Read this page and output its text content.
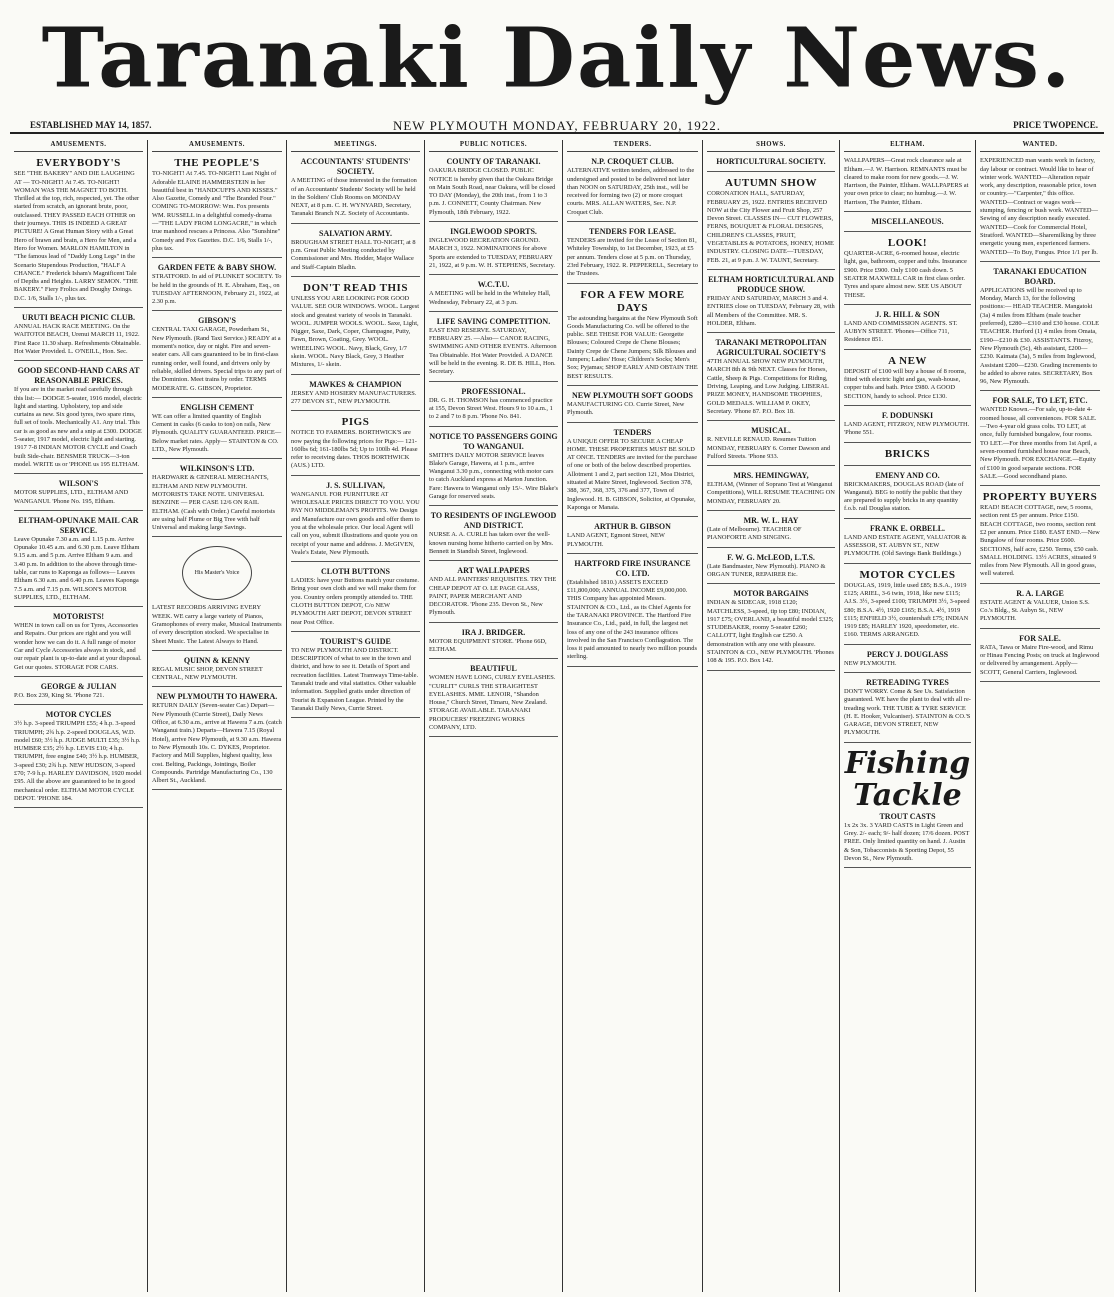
Taranaki Daily News.
ESTABLISHED MAY 14, 1857.	NEW PLYMOUTH MONDAY, FEBRUARY 20, 1922.	PRICE TWOPENCE.
AMUSEMENTS.
EVERYBODY'S

SEE "THE BAKERY" AND DIE LAUGHING AT — TO-NIGHT! At 7.45. TO-NIGHT! WOMAN WAS THE MAGNET TO BOTH. Thrilled at the top, rich, respected, yet. The other started from scratch, an ignorant brute, poor, outclassed. THEY PASSED EACH OTHER on their journeys. THIS IS INDEED A GREAT PICTURE! A Great Human Story with a Great Hero of brawn and brain, a Hero for Men, and a Hero for Women. MARLON HAMILTON in "The famous lead of "Daddy Long Legs" in the Scenario Stupendous Production, "HALF A CHANCE." Frederick Isham's Magnificent Tale of Depths and Heights. LARRY SEMON. "THE BAKERY." Fiery Frolics and Doughy Doings. D.C. 1/6, Stalls 1/-, plus tax.

URUTI BEACH PICNIC CLUB.

ANNUAL HACK RACE MEETING. On the WAITOTOI BEACH, Urenui MARCH 11, 1922. First Race 11.30 sharp. Refreshments Obtainable. Hot Water Provided. L. O'NEILL, Hon. Sec.

GOOD SECOND-HAND CARS AT REASONABLE PRICES.

If you are in the market read carefully through this list:— DODGE 5-seater, 1916 model, electric light and starting. Upholstery, top and side curtains as new. Six good tyres, two spare rims, full set of tools. Mechanically A1. Any trial. This car is as good as new and a snip at £300. DODGE 5-seater, 1917 model, electric light and starting. 1917 7-8 INDIAN MOTOR CYCLE and Coach built Side-chair. BENSMER TRUCK—3-ton model. WRITE us or 'PHONE us 195 ELTHAM.

WILSON'S

MOTOR SUPPLIES, LTD., ELTHAM AND WANGANUI. 'Phone No. 195, Eltham.

ELTHAM-OPUNAKE MAIL CAR SERVICE.

Leave Opunake 7.30 a.m. and 1.15 p.m. Arrive Opunake 10.45 a.m. and 6.30 p.m. Leave Eltham 9.15 a.m. and 5 p.m. Arrive Eltham 9 a.m. and 3.40 p.m. In addition to the above through time-table, car runs to Kaponga as follows— Leaves Eltham 6.30 a.m. and 6.40 p.m. Leaves Kaponga 7.5 a.m. and 7.15 p.m. WILSON'S MOTOR SUPPLIES, LTD., ELTHAM.

MOTORISTS!

WHEN in town call on us for Tyres, Accessories and Repairs. Our prices are right and you will wonder how we can do it. A full range of motor Car and Cycle Accessories always in stock, and our repair plant is up-to-date and at your disposal. Get our quotes. STORAGE FOR CARS.

GEORGE & JULIAN

P.O. Box 239, King St. 'Phone 721.

MOTOR CYCLES

3½ h.p. 3-speed TRIUMPH £55; 4 h.p. 3-speed TRIUMPH; 2¾ h.p. 2-speed DOUGLAS, W.D. model £60; 3½ h.p. JUDGE MULTI £35; 3½ h.p. HUMBER £35; 2½ h.p. LEVIS £10; 4 h.p. TRIUMPH, free engine £40; 3½ h.p. HUMBER, 3-speed £30; 2¾ h.p. NEW HUDSON, 3-speed £70; 7-9 h.p. HARLEY DAVIDSON, 1920 model £95. All the above are guaranteed to be in good mechanical order. ELTHAM MOTOR CYCLE DEPOT. 'PHONE 184.

AMUSEMENTS.
THE PEOPLE'S

TO-NIGHT! At 7.45. TO-NIGHT! Last Night of Adorable ELAINE HAMMERSTEIN in her beautiful best in "HANDCUFFS AND KISSES." Also Gazette, Comedy and "The Branded Four." COMING TO-MORROW: Wm. Fox presents WM. RUSSELL in a delightful comedy-drama—"THE LADY FROM LONGACRE," in which true manhood rescues a Princess. Also "Sunshine" Comedy and Fox Gazettes. D.C. 1/6, Stalls 1/-, plus tax.

GARDEN FETE & BABY SHOW.

STRATFORD. In aid of PLUNKET SOCIETY. To be held in the grounds of H. E. Abraham, Esq., on TUESDAY AFTERNOON, February 21, 1922, at 2.30 p.m.

GIBSON'S

CENTRAL TAXI GARAGE, Powderham St., New Plymouth. (Rand Taxi Service.) READY at a moment's notice, day or night. Fire and seven-seater cars. All cars guaranteed to be in first-class running order, well found, and drivers only by reliable, skilled drivers. Special trips to any part of the Dominion. Meet trains by order. TERMS MODERATE. G. GIBSON, Proprietor.

ENGLISH CEMENT

WE can offer a limited quantity of English Cement in casks (6 casks to ton) on rails, New Plymouth. QUALITY GUARANTEED. PRICE—Below market rates. Apply— STAINTON & CO. LTD., New Plymouth.

WILKINSON'S LTD.

HARDWARE & GENERAL MERCHANTS, ELTHAM AND NEW PLYMOUTH. MOTORISTS TAKE NOTE. UNIVERSAL BENZINE — PER CASE 12/6 ON RAIL ELTHAM. (Cash with Order.) Careful motorists are using half Plume or Big Tree with half Universal and making large Savings.

His Master's Voice

LATEST RECORDS ARRIVING EVERY WEEK. WE carry a large variety of Pianos, Gramophones of every make, Musical Instruments of every description stocked. We specialise in Sheet Music. The Latest Always to Hand.

QUINN & KENNY

REGAL MUSIC SHOP, DEVON STREET CENTRAL, NEW PLYMOUTH.

NEW PLYMOUTH TO HAWERA.

RETURN DAILY (Seven-seater Car.) Depart—New Plymouth (Currie Street), Daily News Office, at 6.30 a.m., arrive at Hawera 7 a.m. (catch Wanganui train.) Departs—Hawera 7.15 (Royal Hotel), arrive New Plymouth, at 9.30 a.m. Hawera to New Plymouth 10s. C. DYKES, Proprietor. Factory and Mill Supplies, highest quality, less cost. Belting, Packings, Jointings, Boiler Compounds. Partridge Manufacturing Co., 130 Albert St., Auckland.

MEETINGS.
ACCOUNTANTS' STUDENTS' SOCIETY.

A MEETING of those interested in the formation of an Accountants' Students' Society will be held in the Soldiers' Club Rooms on MONDAY NEXT, at 8 p.m. C. H. WYNYARD, Secretary, Taranaki Branch N.Z. Society of Accountants.

SALVATION ARMY.

BROUGHAM STREET HALL TO-NIGHT, at 8 p.m. Great Public Meeting conducted by Commissioner and Mrs. Hodder, Major Wallace and Staff-Captain Bladin.

DON'T READ THIS

UNLESS YOU ARE LOOKING FOR GOOD VALUE. SEE OUR WINDOWS. WOOL. Largest stock and greatest variety of wools in Taranaki. WOOL. JUMPER WOOLS. WOOL. Saxe, Light, Nigger, Saxe, Dark, Coper, Champagne, Putty, Fawn, Brown, Coating, Grey. WOOL. WHEELING WOOL. Navy, Black, Grey, 1/7 skein. WOOL. Navy Black, Grey, 3 Heather Mixtures, 1/- skein.

MAWKES & CHAMPION

JERSEY AND HOSIERY MANUFACTURERS. 277 DEVON ST., NEW PLYMOUTH.

PIGS

NOTICE TO FARMERS. BORTHWICK'S are now paying the following prices for Pigs:— 121-160lbs 6d; 161-180lbs 5d; Up to 100lb 4d. Please refer to receiving dates. THOS BORTHWICK (AUS.) LTD.

J. S. SULLIVAN,

WANGANUI. FOR FURNITURE AT WHOLESALE PRICES DIRECT TO YOU. YOU PAY NO MIDDLEMAN'S PROFITS. We Design and Manufacture our own goods and offer them to you at the wholesale price. Our local Agent will call on you, submit illustrations and quote you on receipt of your name and address. J. McGIVEN, Veale's Estate, New Plymouth.

CLOTH BUTTONS

LADIES: have your Buttons match your costume. Bring your own cloth and we will make them for you. Country orders promptly attended to. THE CLOTH BUTTON DEPOT, C/o NEW PLYMOUTH ART DEPOT, DEVON STREET near Post Office.

TOURIST'S GUIDE

TO NEW PLYMOUTH AND DISTRICT. DESCRIPTION of what to see in the town and district, and how to see it. Details of Sport and recreation facilities. Latest Tramways Time-table. Taranaki trade and vital statistics. Other valuable information. Supplied gratis under direction of Tourist & Expansion League. Printed by the Taranaki Daily News, Currie Street.

PUBLIC NOTICES.
COUNTY OF TARANAKI.

OAKURA BRIDGE CLOSED. PUBLIC NOTICE is hereby given that the Oakura Bridge on Main South Road, near Oakura, will be closed TO DAY (Monday), the 20th inst., from 1 to 3 p.m. J. CONNETT, County Chairman. New Plymouth, 18th February, 1922.

INGLEWOOD SPORTS.

INGLEWOOD RECREATION GROUND. MARCH 3, 1922. NOMINATIONS for above Sports are extended to TUESDAY, FEBRUARY 21, 1922, at 9 p.m. W. H. STEPHENS, Secretary.

W.C.T.U.

A MEETING will be held in the Whiteley Hall, Wednesday, February 22, at 3 p.m.

LIFE SAVING COMPETITION.

EAST END RESERVE. SATURDAY, FEBRUARY 25. —Also— CANOE RACING, SWIMMING AND OTHER EVENTS. Afternoon Tea Obtainable. Hot Water Provided. A DANCE will be held in the evening. R. DE B. HILL, Hon. Secretary.

PROFESSIONAL.

DR. G. H. THOMSON has commenced practice at 155, Devon Street West. Hours 9 to 10 a.m., 1 to 2 and 7 to 8 p.m. 'Phone No. 841.

NOTICE TO PASSENGERS GOING TO WANGANUI.

SMITH'S DAILY MOTOR SERVICE leaves Blake's Garage, Hawera, at 1 p.m., arrive Wanganui 3.30 p.m., connecting with motor cars to catch Auckland express at Marton Junction. Fare: Hawera to Wanganui only 15/-. Wire Blake's Garage for reserved seats.

TO RESIDENTS OF INGLEWOOD AND DISTRICT.

NURSE A. A. CURLE has taken over the well-known nursing home hitherto carried on by Mrs. Bennett in Standish Street, Inglewood.

ART WALLPAPERS

AND ALL PAINTERS' REQUISITES. TRY THE CHEAP DEPOT AT O. LE PAGE GLASS, PAINT, PAPER MERCHANT AND DECORATOR. 'Phone 235. Devon St., New Plymouth.

IRA J. BRIDGER.

MOTOR EQUIPMENT STORE. 'Phone 66D, ELTHAM.

BEAUTIFUL

WOMEN HAVE LONG, CURLY EYELASHES. "CURLIT" CURLS THE STRAIGHTEST EYELASHES. MME. LENOIR, "Shandon House," Church Street, Timaru, New Zealand. STORAGE AVAILABLE. TARANAKI PRODUCERS' FREEZING WORKS COMPANY, LTD.

TENDERS.
N.P. CROQUET CLUB.

ALTERNATIVE written tenders, addressed to the undersigned and posted to be delivered not later than NOON on SATURDAY, 25th inst., will be received for forming two (2) or more croquet courts. MRS. ALLAN WATERS, Sec. N.P. Croquet Club.

TENDERS FOR LEASE.

TENDERS are invited for the Lease of Section 81, Whiteley Township, to 1st December, 1923, at £5 per annum. Tenders close at 5 p.m. on Thursday, 23rd February, 1922. R. PEPPERELL, Secretary to the Trustees.

FOR A FEW MORE DAYS

The astounding bargains at the New Plymouth Soft Goods Manufacturing Co. will be offered to the public. SEE THESE FOR VALUE: Georgette Blouses; Coloured Crepe de Chene Blouses; Dainty Crepe de Chene Jumpers; Silk Blouses and Jumpers; Ladies' Hose; Children's Socks; Men's Sox; Pyjamas; SHOP EARLY AND OBTAIN THE BEST RESULTS.

NEW PLYMOUTH SOFT GOODS

MANUFACTURING CO. Currie Street, New Plymouth.

TENDERS

A UNIQUE OFFER TO SECURE A CHEAP HOME. THESE PROPERTIES MUST BE SOLD AT ONCE. TENDERS are invited for the purchase of one or both of the below described properties. Allotment 1 and 2, part section 121, Moa District, situated at Maire Street, Inglewood. Section 378, 388, 367, 368, 375, 376 and 377, Town of Inglewood. H. B. GIBSON, Solicitor, at Opunake, Kaponga or Manaia.

ARTHUR B. GIBSON

LAND AGENT, Egmont Street, NEW PLYMOUTH.

HARTFORD FIRE INSURANCE CO. LTD.

(Established 1810.) ASSETS EXCEED £11,800,000; ANNUAL INCOME £9,000,000. THIS Company has appointed Messrs. STAINTON & CO., Ltd., as its Chief Agents for the TARANAKI PROVINCE. The Hartford Fire Insurance Co., Ltd., paid, in full, the largest net loss of any one of the 243 insurance offices involved in the San Francisco Conflagration. The loss it paid amounted to nearly two million pounds sterling.

SHOWS.
HORTICULTURAL SOCIETY.
AUTUMN SHOW

CORONATION HALL, SATURDAY, FEBRUARY 25, 1922. ENTRIES RECEIVED NOW at the City Flower and Fruit Shop, 257 Devon Street. CLASSES IN— CUT FLOWERS, FERNS, BOUQUET & FLORAL DESIGNS, CHILDREN'S CLASSES, FRUIT, VEGETABLES & POTATOES, HONEY, HOME INDUSTRY. CLOSING DATE—TUESDAY, FEB. 21, at 9 p.m. J. W. TAUNT, Secretary.

ELTHAM HORTICULTURAL AND PRODUCE SHOW.

FRIDAY AND SATURDAY, MARCH 3 and 4. ENTRIES close on TUESDAY, February 28, with all Members of the Committee. MR. S. HOLDER, Eltham.

TARANAKI METROPOLITAN AGRICULTURAL SOCIETY'S

47TH ANNUAL SHOW NEW PLYMOUTH, MARCH 8th & 9th NEXT. Classes for Horses, Cattle, Sheep & Pigs. Competitions for Riding, Driving, Leaping, and Low Judging. LIBERAL PRIZE MONEY, HANDSOME TROPHIES, GOLD MEDALS. WILLIAM P. OKEY, Secretary. 'Phone 87. P.O. Box 18.

MUSICAL.

R. NEVILLE RENAUD. Resumes Tuition MONDAY, FEBRUARY 6. Corner Dawson and Fulford Streets. 'Phone 933.

MRS. HEMINGWAY,

ELTHAM, (Winner of Soprano Test at Wanganui Competitions), WILL RESUME TEACHING ON MONDAY, FEBRUARY 20.

MR. W. L. HAY

(Late of Melbourne). TEACHER OF PIANOFORTE AND SINGING.

F. W. G. McLEOD, L.T.S.

(Late Bandmaster, New Plymouth). PIANO & ORGAN TUNER, REPAIRER Etc.

MOTOR BARGAINS

INDIAN & SIDECAR, 1918 £120; MATCHLESS, 3-speed, tip top £80; INDIAN, 1917 £75; OVERLAND, a beautiful model £325; STUDEBAKER, roomy 5-seater £260; CALLOTT, light English car £250. A demonstration with any one with pleasure. STAINTON & CO., NEW PLYMOUTH. 'Phones 108 & 195. P.O. Box 142.

ELTHAM.

WALLPAPERS—Great rock clearance sale at Eltham.—J. W. Harrison. REMNANTS must be cleared to make room for new goods.—J. W. Harrison, the Painter, Eltham. WALLPAPERS at your own price to clear; no humbug.—J. W. Harrison, The Painter, Eltham.

MISCELLANEOUS.
LOOK!

QUARTER-ACRE, 6-roomed house, electric light, gas, bathroom, copper and tubs. Insurance £900. Price £900. Only £100 cash down. 5 SEATER MAXWELL CAR in first class order. Tyres and spare almost new. SEE US ABOUT THESE.

J. R. HILL & SON

LAND AND COMMISSION AGENTS. ST. AUBYN STREET. 'Phones—Office 711, Residence 851.

A NEW

DEPOSIT of £100 will buy a house of 8 rooms, fitted with electric light and gas, wash-house, copper tubs and bath. Price £980. A GOOD SECTION, handy to school. Price £130.

F. DODUNSKI

LAND AGENT, FITZROY, NEW PLYMOUTH. 'Phone 551.

BRICKS
EMENY AND CO.

BRICKMAKERS, DOUGLAS ROAD (late of Wanganui). BEG to notify the public that they are prepared to supply bricks in any quantity f.o.b. rail Douglas station.

FRANK E. ORBELL.

LAND AND ESTATE AGENT, VALUATOR & ASSESSOR, ST. AUBYN ST., NEW PLYMOUTH. (Old Savings Bank Buildings.)

MOTOR CYCLES

DOUGLAS, 1919, little used £85; B.S.A., 1919 £125; ARIEL, 3-6 twin, 1918, like new £115; AJ.S. 3½, 3-speed £100; TRIUMPH 3½, 3-speed £80; B.S.A. 4½, 1920 £165; B.S.A. 4½, 1919 £115; ENFIELD 3½, countershaft £75; INDIAN 1919 £85; HARLEY 1920, speedometer, etc. £160. TERMS ARRANGED.

PERCY J. DOUGLASS

NEW PLYMOUTH.

RETREADING TYRES

DON'T WORRY. Come & See Us. Satisfaction guaranteed. WE have the plant to deal with all re-treading work. THE TUBE & TYRE SERVICE (H. E. Hooker, Vulcaniser). STAINTON & CO.'S GARAGE, DEVON STREET, NEW PLYMOUTH.

Fishing Tackle
TROUT CASTS

1x 2x 3x. 3 YARD CASTS in Light Green and Grey. 2/- each; 9/- half dozen; 17/6 dozen. POST FREE. Only limited quantity on hand. J. Austin & Son, Tobacconists & Sporting Depot, 55 Devon St., New Plymouth.

WANTED.

EXPERIENCED man wants work in factory, day labour or contract. Would like to hear of winter work. WANTED—Alteration repair work, any description, reasonable price, town or country.—"Carpenter," this office. WANTED—Contract or wages work—stumping, fencing or bush work. WANTED—Sewing of any description neatly executed. WANTED—Cook for Commercial Hotel, Stratford. WANTED—Sharemilking by three energetic young men, experienced farmers. WANTED—To Buy, Fungus. Price 1/1 per lb.

TARANAKI EDUCATION BOARD.

APPLICATIONS will be received up to Monday, March 13, for the following positions:— HEAD TEACHER. Mangatoki (3a) 4 miles from Eltham (male teacher preferred), £280—£310 and £30 house. COLE TEACHER. Hurford (1) 4 miles from Omata, £190—£210 & £30. ASSISTANTS. Fitzroy, New Plymouth (5c), 4th assistant, £200—£230. Kaimata (3a), 5 miles from Inglewood, Assistant £200—£230. Grading increments to be added to above rates. SECRETARY, Box 96, New Plymouth.

FOR SALE, TO LET, ETC.

WANTED Known.—For sale, up-to-date 4-roomed house, all conveniences. FOR SALE.—Two 4-year old grass colts. TO LET, at once, fully furnished bungalow, four rooms. TO LET.—For three months from 1st April, a seven-roomed furnished house near Beach, New Plymouth. FOR EXCHANGE.—Equity of £100 in good separate sections. FOR SALE.—Good secondhand piano.

PROPERTY BUYERS

READ! BEACH COTTAGE, new, 5 rooms, section rent £5 per annum. Price £150. BEACH COTTAGE, two rooms, section rent £2 per annum. Price £180. EAST END.—New Bungalow of four rooms. Price £600. SECTIONS, half acre, £250. Terms, £50 cash. SMALL HOLDING. 13½ ACRES, situated 9 miles from New Plymouth. All in good grass, well watered.

R. A. LARGE

ESTATE AGENT & VALUER, Union S.S. Co.'s Bldg., St. Aubyn St., NEW PLYMOUTH.

FOR SALE.

RATA, Tawa or Maire Fire-wood, and Rimu or Hinau Fencing Posts; on truck at Inglewood or delivered by arrangement. Apply— SCOTT, General Carriers, Inglewood.
